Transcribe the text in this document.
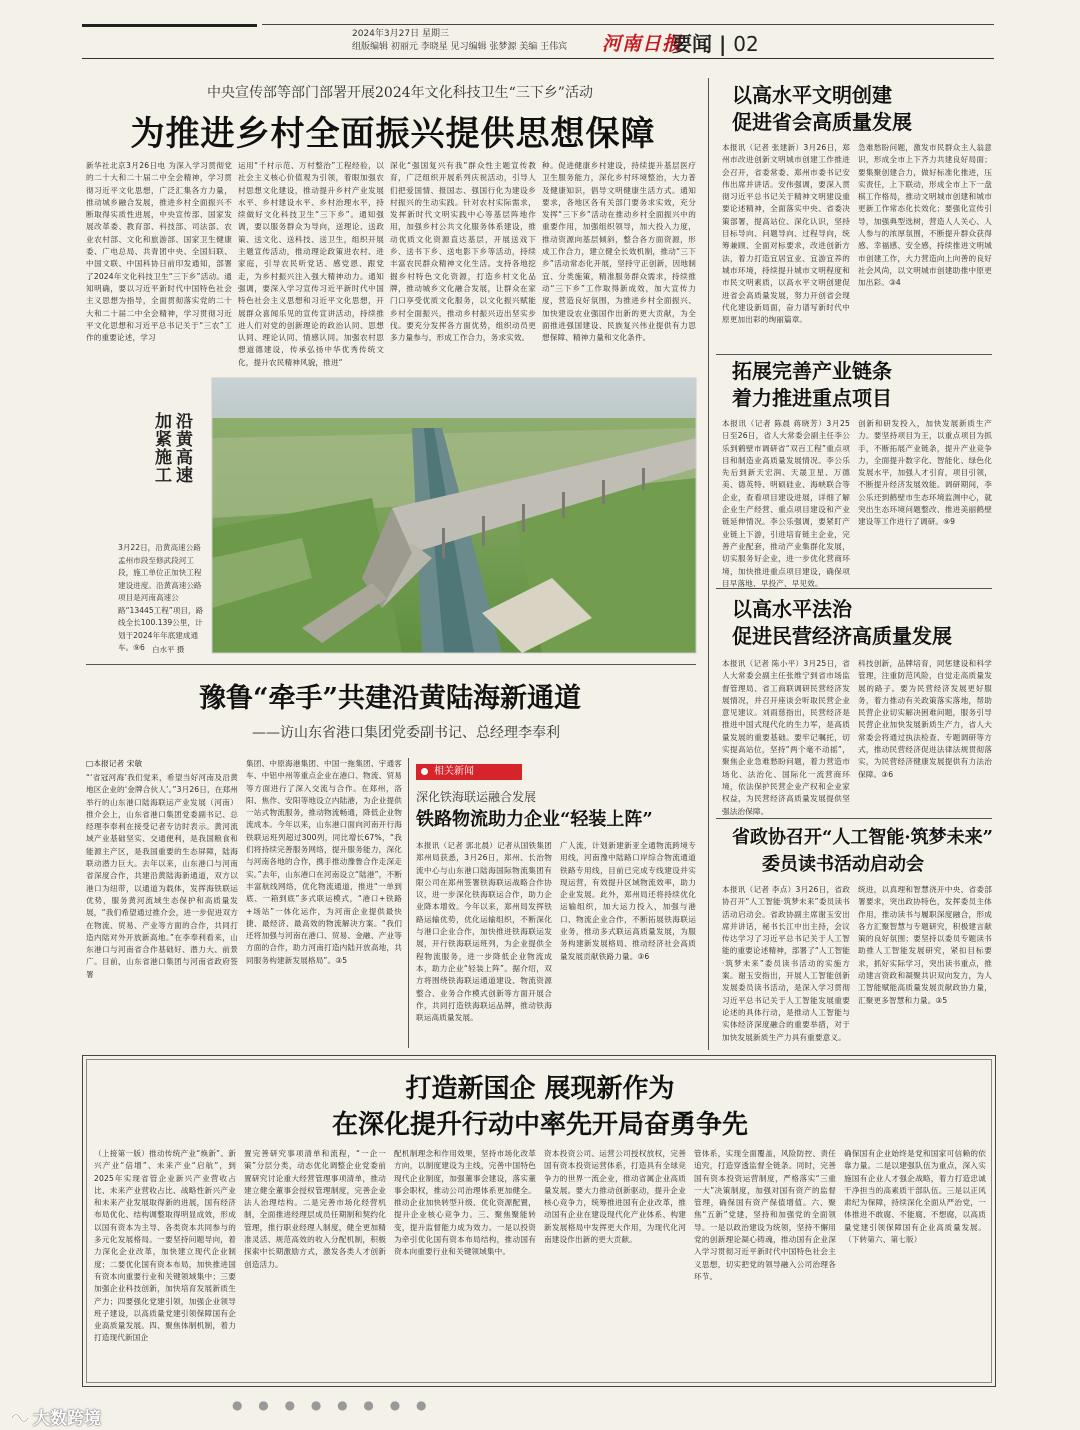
2024年3月27日 星期三
组版编辑 初丽元 李晓星 见习编辑 张梦源 美编 王伟宾 河南日报
要闻 | 02
中央宣传部等部门部署开展2024年文化科技卫生“三下乡”活动
为推进乡村全面振兴提供思想保障
新华社北京3月26日电 为深入学习贯彻党的二十大和二十届二中全会精神，学习贯彻习近平文化思想，广泛汇集各方力量，推动城乡融合发展，推进乡村全面振兴不断取得实质性进展，中央宣传部、国家发展改革委、教育部、科技部、司法部、农业农村部、文化和旅游部、国家卫生健康委、广电总局、共青团中央、全国妇联、中国文联、中国科协日前印发通知，部署了2024年文化科技卫生“三下乡”活动。通知明确，要以习近平新时代中国特色社会主义思想为指导，全面贯彻落实党的二十大和二十届二中全会精神，学习贯彻习近平文化思想和习近平总书记关于“三农”工作的重要论述，学习
运用“千村示范、万村整治”工程经验，以社会主义核心价值观为引领，着眼加强农村思想文化建设，推动提升乡村产业发展水平、乡村建设水平、乡村治理水平，持续做好文化科技卫生“三下乡”。通知强调，要以服务群众为导向，送理论、送政策、送文化、送科技、送卫生，组织开展主题宣传活动，推动理论政策进农村、进家庭，引导农民听党话、感党恩、跟党走，为乡村振兴注入强大精神动力。通知强调，要深入学习宣传习近平新时代中国特色社会主义思想和习近平文化思想，开展群众喜闻乐见的宣传宣讲活动，持续推进人们对党的创新理论的政治认同、思想认同、理论认同、情感认同。加强农村思想道德建设，传承弘扬中华优秀传统文化，提升农民精神风貌，推进“
深化“强国复兴有我”群众性主题宣传教育，广泛组织开展系列庆祝活动，引导人们把爱国情、报国志、强国行化为建设乡村振兴的生动实践。针对农村实际需求，发挥新时代文明实践中心等基层阵地作用，加强乡村公共文化服务体系建设，推动优质文化资源直达基层，开展送戏下乡、送书下乡、送电影下乡等活动，持续丰富农民群众精神文化生活。支持各地挖掘乡村特色文化资源，打造乡村文化品牌，推动城乡文化融合发展，让群众在家门口享受优质文化服务，以文化振兴赋能乡村全面振兴，推动乡村振兴迈出坚实步伐。要充分发挥各方面优势，组织动员更多力量参与，形成工作合力，务求实效。
种。促进健康乡村建设，持续提升基层医疗卫生服务能力，深化乡村环境整治，大力普及健康知识，倡导文明健康生活方式。通知要求，各地区各有关部门要务求实效，充分发挥“三下乡”活动在推动乡村全面振兴中的重要作用，加强组织领导，加大投入力度，推动资源向基层倾斜，整合各方面资源，形成工作合力，建立健全长效机制，推动“三下乡”活动常态化开展，坚持守正创新，因地制宜、分类施策，精准服务群众需求，持续推动“三下乡”工作取得新成效，加大宣传力度，营造良好氛围，为推进乡村全面振兴、加快建设农业强国作出新的更大贡献，为全面推进强国建设、民族复兴伟业提供有力思想保障、精神力量和文化条件。
沿黄高速加紧施工
3月22日，沿黄高速公路孟州市段至修武段河工段，施工单位正加快工程建设进度。沿黄高速公路项目是河南高速公路“13445工程”项目，路线全长100.139公里，计划于2024年年底建成通车。⑨6 白水平 摄
以高水平文明创建
促进省会高质量发展
本报讯（记者 张建新）3月26日，郑州市改进创新文明城市创建工作推进会召开，省委常委、郑州市委书记安伟出席并讲话。安伟强调，要深入贯彻习近平总书记关于精神文明建设重要论述精神，全面落实中央、省委决策部署，提高站位、深化认识，坚持目标导向、问题导向、过程导向，统筹兼顾、全面对标要求，改进创新方法，着力打造宜居宜业、宜游宜养的城市环境，持续提升城市文明程度和市民文明素质，以高水平文明创建促进省会高质量发展，努力开创省会现代化建设新局面，奋力谱写新时代中原更加出彩的绚丽篇章。
急难愁盼问题，激发市民群众主人翁意识，形成全市上下齐力共建良好局面；要集聚创建合力，做好标准化推进，压实责任，上下联动，形成全市上下一盘棋工作格局，推动文明城市创建和城市更新工作常态化长效化；要强化宣传引导，加强典型选树，营造人人关心、人人参与的浓厚氛围，不断提升群众获得感、幸福感、安全感，持续推进文明城市创建工作，大力营造向上向善的良好社会风尚，以文明城市创建助推中原更加出彩。③4
拓展完善产业链条
着力推进重点项目
本报讯（记者 陈晨 蒋晓芳）3月25日至26日，省人大常委会副主任李公乐到鹤壁市调研省“双百工程”重点项目和制造业高质量发展情况。李公乐先后到新天宏润、天晟卫星、万德美、德英特、明硕硅业、海峡联合等企业，查看项目建设进展，详细了解企业生产经营、重点项目建设和产业链延伸情况。李公乐强调，要紧盯产业链上下游，引进培育链主企业，完善产业配套，推动产业集群化发展，切实服务好企业，进一步优化营商环境，加快推进重点项目建设，确保项目早落地、早投产、早见效。
创新和研发投入，加快发展新质生产力。要坚持项目为王，以重点项目为抓手，不断拓展产业链条，提升产业竞争力，全面提升数字化、智能化、绿色化发展水平，加强人才引育，项目引领，不断提升经济发展效能。调研期间，李公乐还到鹤壁市生态环境监测中心，就突出生态环境问题整改、推进美丽鹤壁建设等工作进行了调研。⑨9
以高水平法治
促进民营经济高质量发展
本报讯（记者 陈小平）3月25日，省人大常委会副主任张维宁到省市场监督管理局、省工商联调研民营经济发展情况，并召开座谈会听取民营企业意见建议。刘雨慈指出，民营经济是推进中国式现代化的生力军，是高质量发展的重要基础。要牢记嘱托，切实提高站位，坚持“两个毫不动摇”，聚焦企业急难愁盼问题，着力营造市场化、法治化、国际化一流营商环境，依法保护民营企业产权和企业家权益，为民营经济高质量发展提供坚强法治保障。
科技创新，品牌培育，同惩建设和科学管理，注重防范风险，自觉走高质量发展的路子。要为民营经济发展更好服务，着力推动有关政策落实落地，帮助民营企业切实解决困难问题，服务引导民营企业加快发展新质生产力，省人大常委会将通过执法检查、专题调研等方式，推动民营经济促进法律法规贯彻落实，为民营经济健康发展提供有力法治保障。③6
省政协召开“人工智能·筑梦未来”
委员读书活动启动会
本报讯（记者 李点）3月26日，省政协召开“人工智能·筑梦未来”委员读书活动启动会。省政协副主席谢玉安出席并讲话，秘书长江中出主持，会议传达学习了习近平总书记关于人工智能的重要论述精神，部署了“人工智能·筑梦未来”委员读书活动的实施方案。谢玉安指出，开展人工智能创新发展委员读书活动，是深入学习贯彻习近平总书记关于人工智能发展重要论述的具体行动，是推动人工智能与实体经济深度融合的重要举措，对于加快发展新质生产力具有重要意义。
统进，以真理和智慧浇开中央、省委部署要求，突出政协特色，发挥委员主体作用，推动读书与履职深度融合，形成各方汇聚智慧与专题研究，积极建言献策的良好氛围；要坚持以委员专题读书助推人工智能发展研究，紧扣目标要求，抓好实际学习，突出读书重点，推动建言资政和凝聚共识双向发力，为人工智能赋能高质量发展贡献政协力量，汇聚更多智慧和力量。③5
豫鲁“牵手”共建沿黄陆海新通道
——访山东省港口集团党委副书记、总经理李奉利
□本报记者 宋敏
“‘省冠河海’我们觉来，希望当好河南及沿黄地区企业的‘金牌合伙人’。”3月26日，在郑州举行的山东港口陆海联运产业发展（河南）推介会上，山东省港口集团党委副书记、总经理李奉利在接受记者专访时表示。黄河流域产业基础坚实、交通便利，是我国粮食和能源主产区，是我国重要的生态屏障，陆海联动潜力巨大。去年以来，山东港口与河南省深度合作，共建沿黄陆海新通道，双方以港口为纽带，以通道为载体，发挥海铁联运优势，服务黄河流域生态保护和高质量发展，“我们希望通过推介会，进一步促进双方在物流、贸易、产业等方面的合作，共同打造内陆对外开放新高地。”在李奉利看来，山东港口与河南省合作基础好、潜力大、前景广。目前，山东省港口集团与河南省政府签署
集团、中原海港集团、中国一拖集团、宇通客车、中铝中州等重点企业在港口、物流、贸易等方面进行了深入交流与合作。在郑州，洛阳、焦作、安阳等地设立内陆港，为企业提供一站式物流服务，推动物流畅通，降低企业物流成本。今年以来，山东港口面向河南开行海铁联运班列超过300列，同比增长67%，“我们将持续完善服务网络，提升服务能力，深化与河南各地的合作，携手推动豫鲁合作走深走实。”去年，山东港口在河南设立“陆港”，不断丰富航线网络，优化物流通道，推进“一单到底、一箱到底”多式联运模式，“港口+铁路+场站”一体化运作，为河南企业提供最快捷、最经济、最高效的物流解决方案。“我们还将加强与河南在港口、贸易、金融、产业等方面的合作，助力河南打造内陆开放高地，共同服务构建新发展格局”。③5
相关新闻
深化铁海联运融合发展
铁路物流助力企业“轻装上阵”
本报讯（记者 郭北晨）记者从国铁集团郑州局获悉，3月26日，郑州、长治物流中心与山东港口陆海国际物流集团有限公司在郑州签署铁海联运战略合作协议，进一步深化铁海联运合作，助力企业降本增效。今年以来，郑州局发挥铁路运输优势，优化运输组织，不断深化与港口企业合作，加快推进铁海联运发展，开行铁海联运班列，为企业提供全程物流服务，进一步降低企业物流成本，助力企业“轻装上阵”。据介绍，双方将围绕铁海联运通道建设、物流资源整合、业务合作模式创新等方面开展合作，共同打造铁海联运品牌，推动铁海联运高质量发展。
广人流，计划新建新亚全通物流跨境专用线，河南豫中陆路口岸综合物流通道铁路专用线，目前已完成专线建设并实现运营，有效提升区域物流效率，助力企业发展。此外，郑州局还将持续优化运输组织，加大运力投入，加强与港口、物流企业合作，不断拓展铁海联运业务，推动多式联运高质量发展，为服务构建新发展格局、推动经济社会高质量发展贡献铁路力量。③6
打造新国企 展现新作为
在深化提升行动中率先开局奋勇争先
（上接第一版）推动传统产业“焕新”、新兴产业“倍增”、未来产业“启航”，到2025年实现省管企业新兴产业营收占比、未来产业营收占比、战略性新兴产业和未来产业发展取得新的进展，国有经济布局优化、结构调整取得明显成效，形成以国有资本为主导、各类资本共同参与的多元化发展格局。一要坚持问题导向，着力深化企业改革，加快建立现代企业制度；二要优化国有资本布局，加快推进国有资本向重要行业和关键领域集中；三要加强企业科技创新，加快培育发展新质生产力；四要强化党建引领，加强企业领导班子建设，以高质量党建引领保障国有企业高质量发展。四、聚焦体制机制，着力打造现代新国企
置完善研究事项清单和流程，“一企一策”分层分类，动态优化调整企业党委前置研究讨论重大经营管理事项清单，推动建立健全董事会授权管理制度，完善企业法人治理结构。二是完善市场化经营机制，全面推进经理层成员任期制和契约化管理，推行职业经理人制度，健全更加精准灵活、规范高效的收入分配机制，积极探索中长期激励方式，激发各类人才创新创造活力。
配机制理念和作用效果，坚持市场化改革方向，以制度建设为主线，完善中国特色现代企业制度，加强董事会建设，落实董事会职权，推动公司治理体系更加健全。推动企业加快转型升级、优化资源配置，提升企业核心竞争力。三、聚焦聚能转变，提升监督能力成为效力。一是以投资为牵引优化国有资本布局结构，推动国有资本向重要行业和关键领域集中。
资本投资公司、运营公司授权放权，完善国有资本投资运营体系，打造具有全球竞争力的世界一流企业，推动省属企业高质量发展。要大力推动创新驱动，提升企业核心竞争力，统筹推进国有企业改革，推动国有企业在建设现代化产业体系、构建新发展格局中发挥更大作用，为现代化河南建设作出新的更大贡献。
管体系，实现全面覆盖，风险防控、责任追究，打造穿透监督全链条。同时，完善国有资本投资运营制度，严格落实“三重一大”决策制度，加强对国有资产的监督管理，确保国有资产保值增值。六、聚焦“五新”党建，坚持和加强党的全面领导。一是以政治建设为统领，坚持不懈用党的创新理论凝心铸魂，推动国有企业深入学习贯彻习近平新时代中国特色社会主义思想，切实把党的领导融入公司治理各环节。
确保国有企业始终是党和国家可信赖的依靠力量。二是以建强队伍为重点，深入实施国有企业人才强企战略，着力打造忠诚干净担当的高素质干部队伍。三是以正风肃纪为保障，持续深化全面从严治党，一体推进不敢腐、不能腐、不想腐，以高质量党建引领保障国有企业高质量发展。（下转第六、第七版）
● ● ● ● ● ● ● ●
大数跨境
